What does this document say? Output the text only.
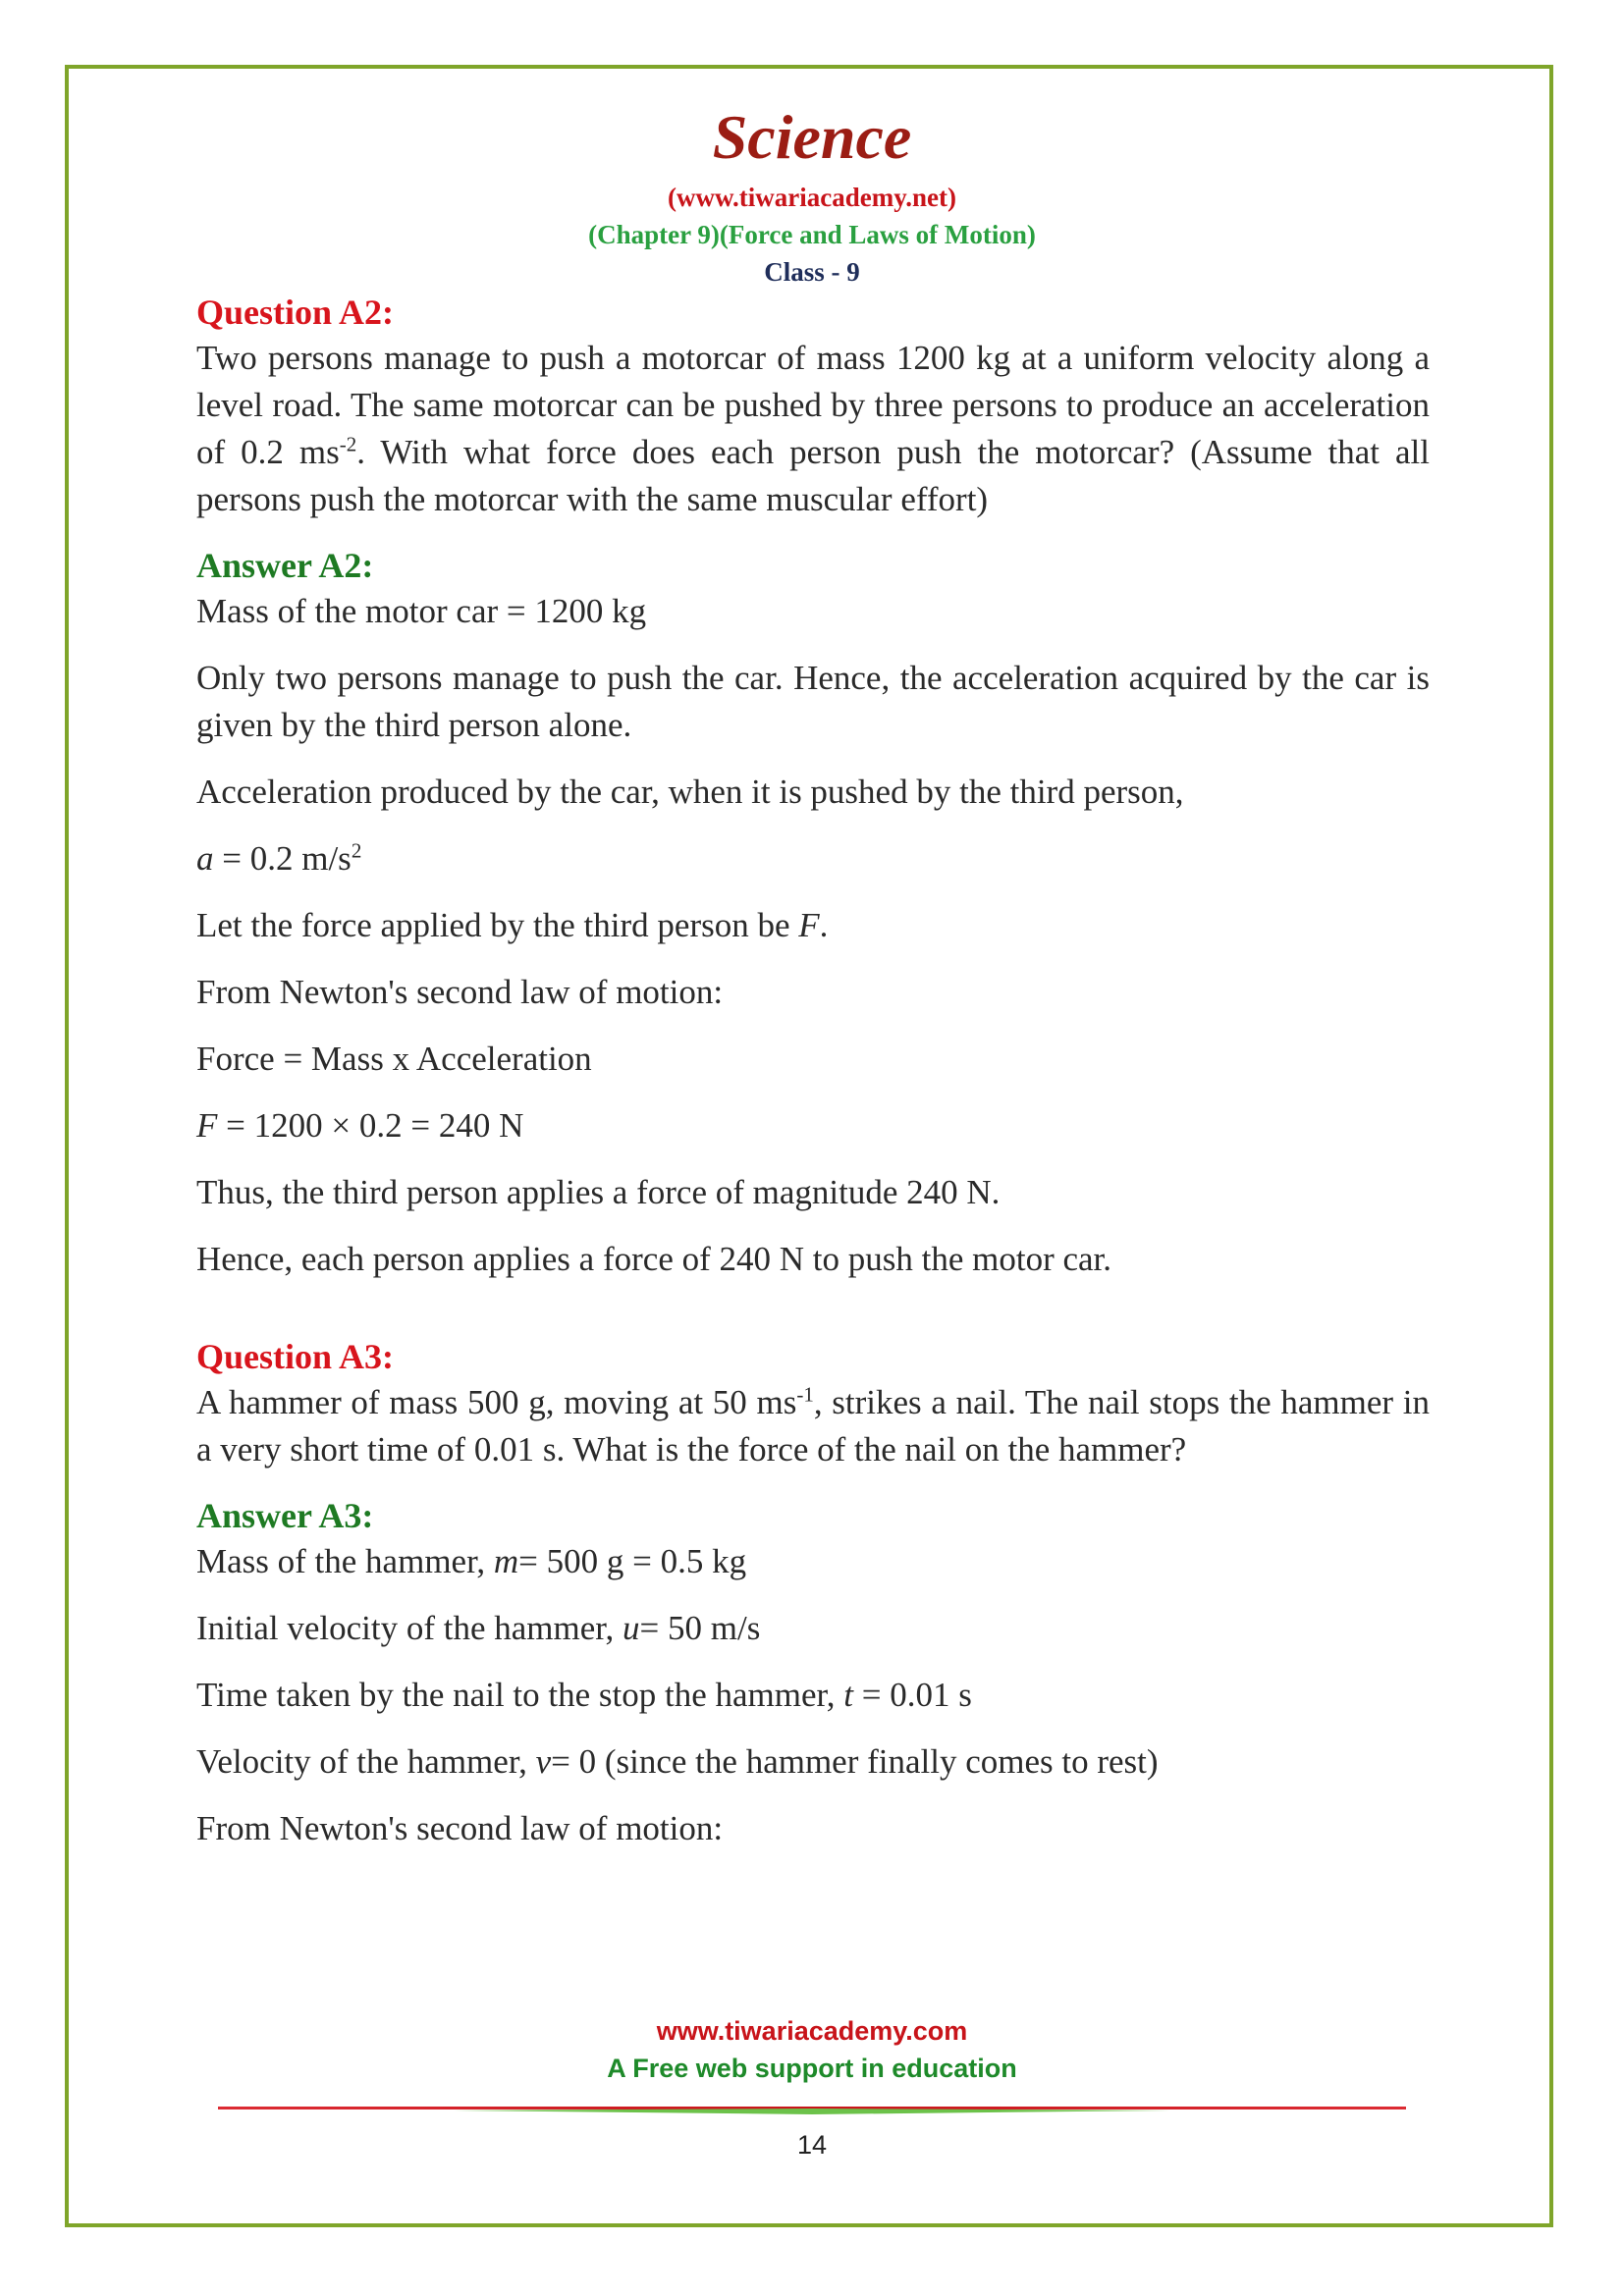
Science
(www.tiwariacademy.net)
(Chapter 9)(Force and Laws of Motion)
Class - 9
Question A2:

Two persons manage to push a motorcar of mass 1200 kg at a uniform velocity along a level road. The same motorcar can be pushed by three persons to produce an acceleration of 0.2 $ms^{-2}$. With what force does each person push the motorcar? (Assume that all persons push the motorcar with the same muscular effort)

Answer A2:

Mass of the motor car = 1200 kg

Only two persons manage to push the car. Hence, the acceleration acquired by the car is given by the third person alone.

Acceleration produced by the car, when it is pushed by the third person,

a = 0.2 $m/s^2$

Let the force applied by the third person be F.

From Newton's second law of motion:

Force = Mass x Acceleration

F = 1200 × 0.2 = 240 N

Thus, the third person applies a force of magnitude 240 N.

Hence, each person applies a force of 240 N to push the motor car.

Question A3:

A hammer of mass 500 g, moving at 50 $ms^{-1}$, strikes a nail. The nail stops the hammer in a very short time of 0.01 s. What is the force of the nail on the hammer?

Answer A3:

Mass of the hammer, m= 500 g = 0.5 kg

Initial velocity of the hammer, u= 50 m/s

Time taken by the nail to the stop the hammer, t = 0.01 s

Velocity of the hammer, v= 0 (since the hammer finally comes to rest)

From Newton's second law of motion:

www.tiwariacademy.com
A Free web support in education
14
